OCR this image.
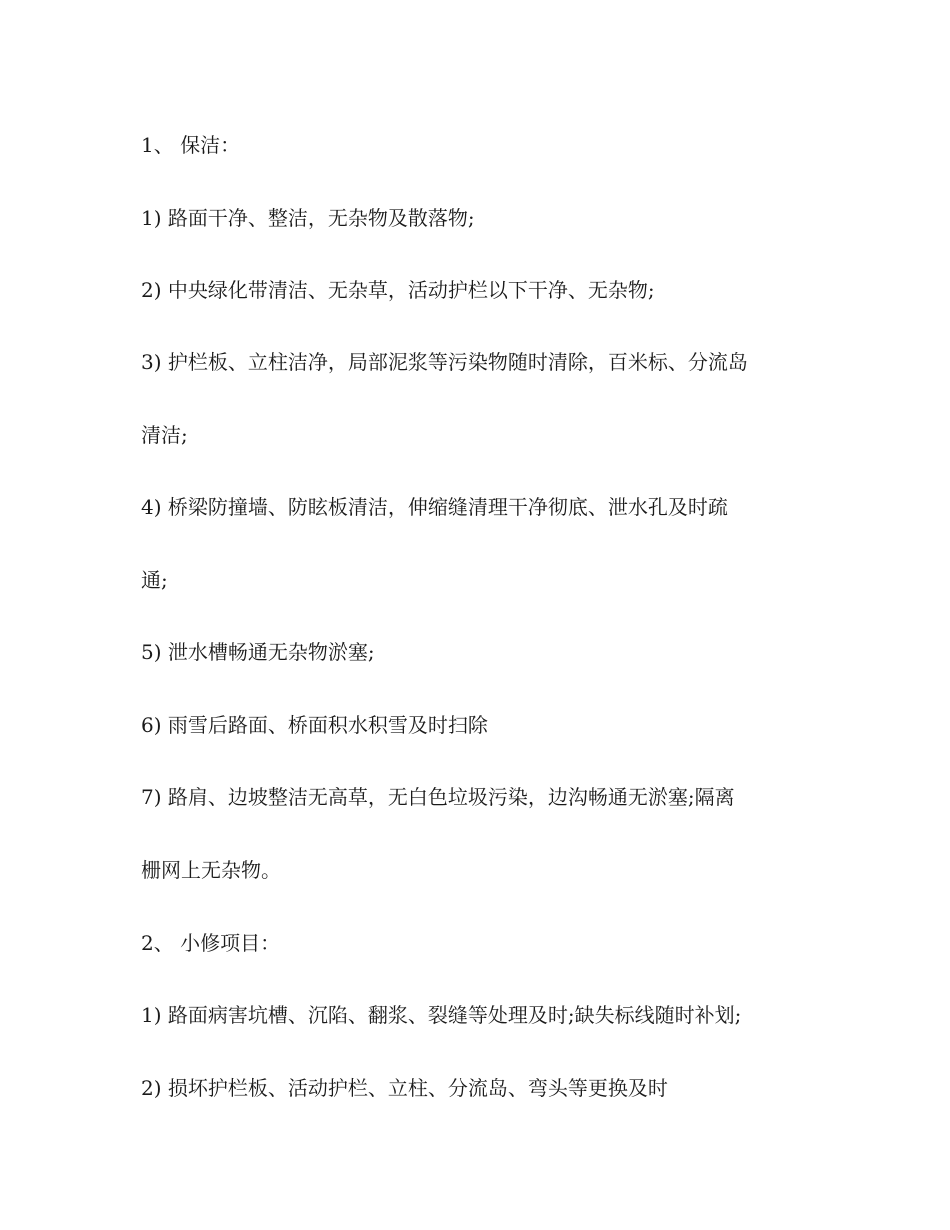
1、 保洁：
1) 路面干净、整洁，无杂物及散落物;
2) 中央绿化带清洁、无杂草，活动护栏以下干净、无杂物;
3) 护栏板、立柱洁净，局部泥浆等污染物随时清除，百米标、分流岛
清洁;
4) 桥梁防撞墙、防眩板清洁，伸缩缝清理干净彻底、泄水孔及时疏
通;
5) 泄水槽畅通无杂物淤塞;
6) 雨雪后路面、桥面积水积雪及时扫除
7) 路肩、边坡整洁无高草，无白色垃圾污染，边沟畅通无淤塞;隔离
栅网上无杂物。
2、 小修项目：
1) 路面病害坑槽、沉陷、翻浆、裂缝等处理及时;缺失标线随时补划;
2) 损坏护栏板、活动护栏、立柱、分流岛、弯头等更换及时
